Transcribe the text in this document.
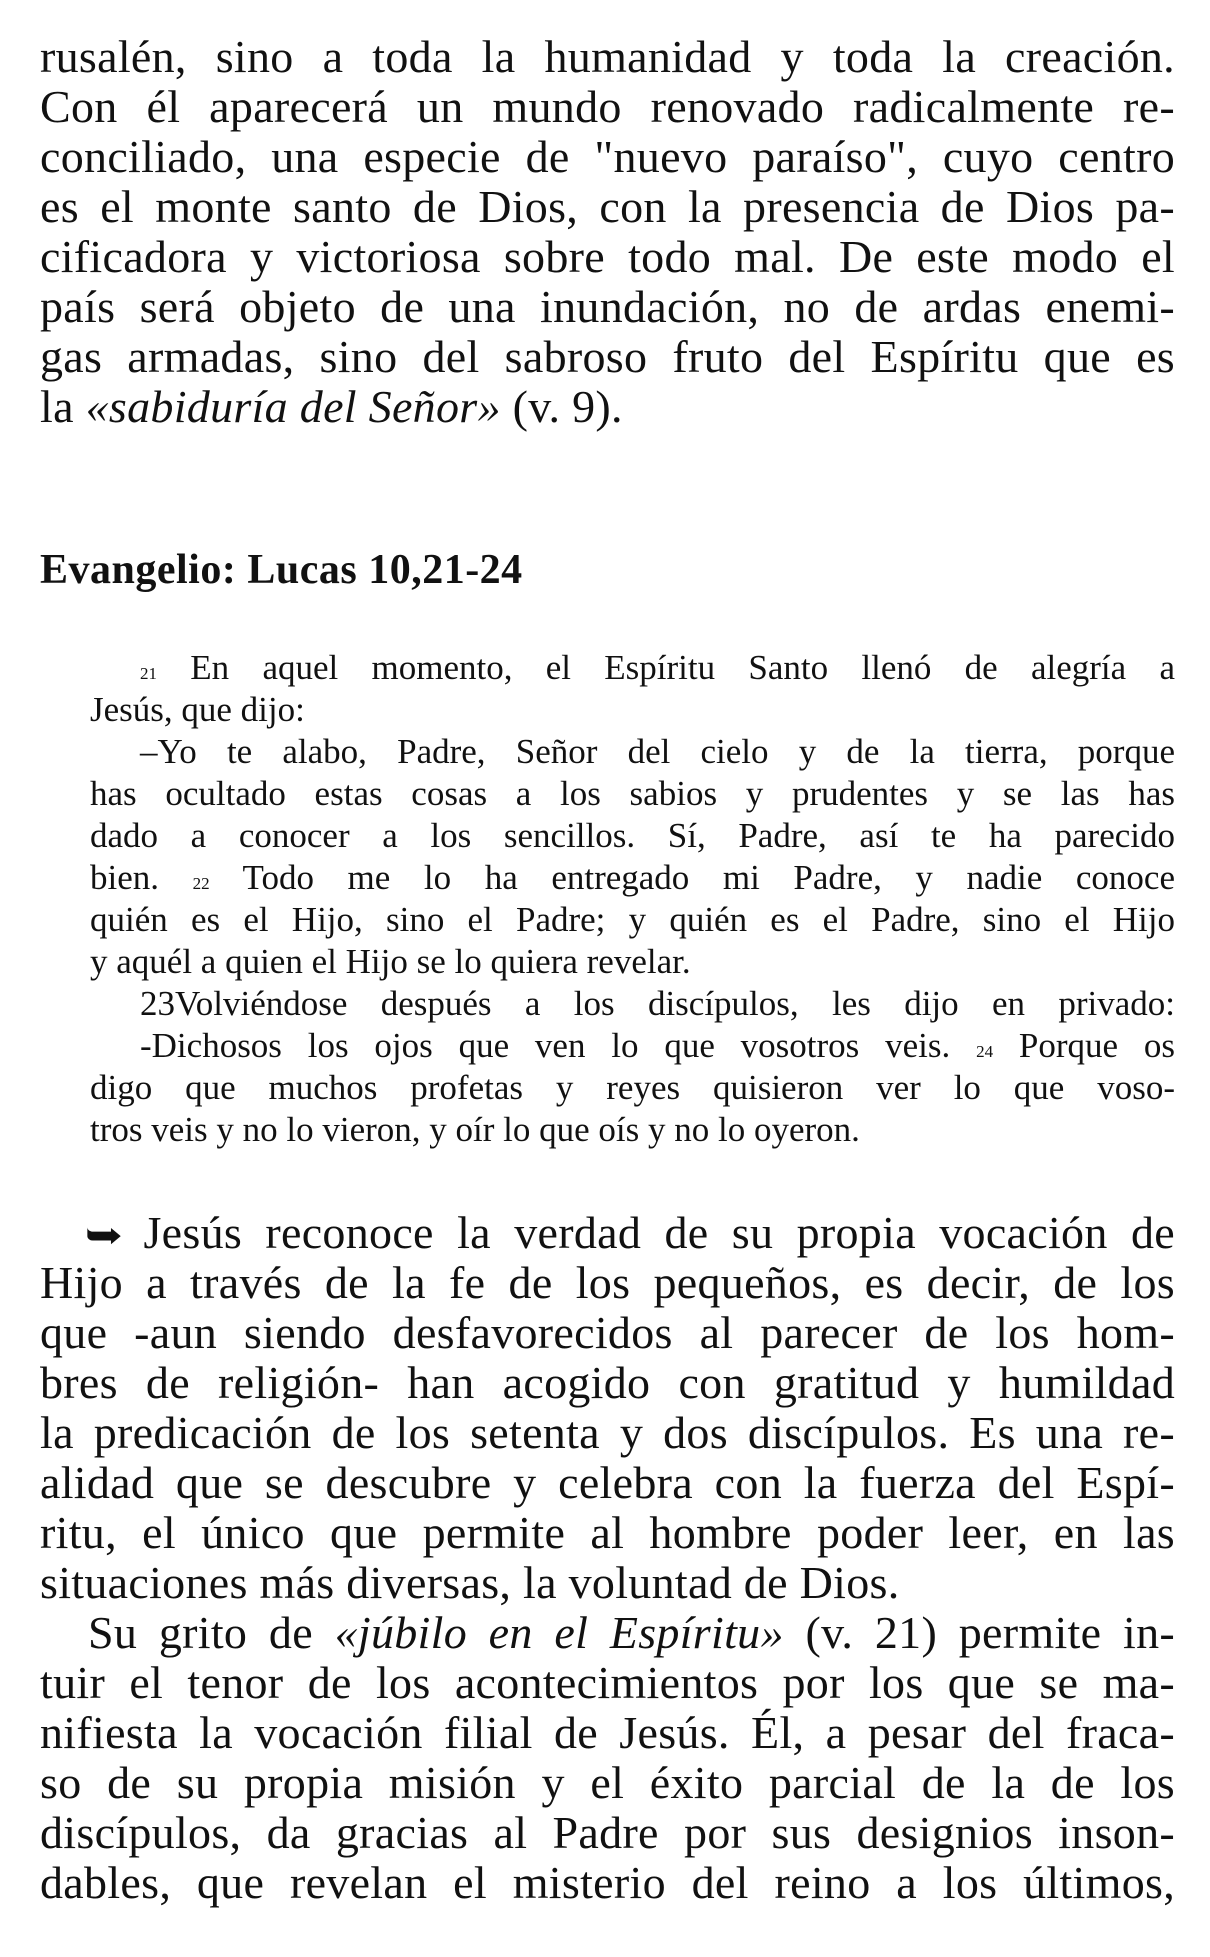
rusalén, sino a toda la humanidad y toda la creación.
Con él aparecerá un mundo renovado radicalmente re-
conciliado, una especie de "nuevo paraíso", cuyo centro
es el monte santo de Dios, con la presencia de Dios pa-
cificadora y victoriosa sobre todo mal. De este modo el
país será objeto de una inundación, no de ardas enemi-
gas armadas, sino del sabroso fruto del Espíritu que es
la «sabiduría del Señor» (v. 9).
Evangelio: Lucas 10,21-24
21 En aquel momento, el Espíritu Santo llenó de alegría a
Jesús, que dijo:
–Yo te alabo, Padre, Señor del cielo y de la tierra, porque
has ocultado estas cosas a los sabios y prudentes y se las has
dado a conocer a los sencillos. Sí, Padre, así te ha parecido
bien. 22 Todo me lo ha entregado mi Padre, y nadie conoce
quién es el Hijo, sino el Padre; y quién es el Padre, sino el Hijo
y aquél a quien el Hijo se lo quiera revelar.
23Volviéndose después a los discípulos, les dijo en privado:
-Dichosos los ojos que ven lo que vosotros veis. 24 Porque os
digo que muchos profetas y reyes quisieron ver lo que voso-
tros veis y no lo vieron, y oír lo que oís y no lo oyeron.
➥ Jesús reconoce la verdad de su propia vocación de
Hijo a través de la fe de los pequeños, es decir, de los
que -aun siendo desfavorecidos al parecer de los hom-
bres de religión- han acogido con gratitud y humildad
la predicación de los setenta y dos discípulos. Es una re-
alidad que se descubre y celebra con la fuerza del Espí-
ritu, el único que permite al hombre poder leer, en las
situaciones más diversas, la voluntad de Dios.
Su grito de «júbilo en el Espíritu» (v. 21) permite in-
tuir el tenor de los acontecimientos por los que se ma-
nifiesta la vocación filial de Jesús. Él, a pesar del fraca-
so de su propia misión y el éxito parcial de la de los
discípulos, da gracias al Padre por sus designios inson-
dables, que revelan el misterio del reino a los últimos,
